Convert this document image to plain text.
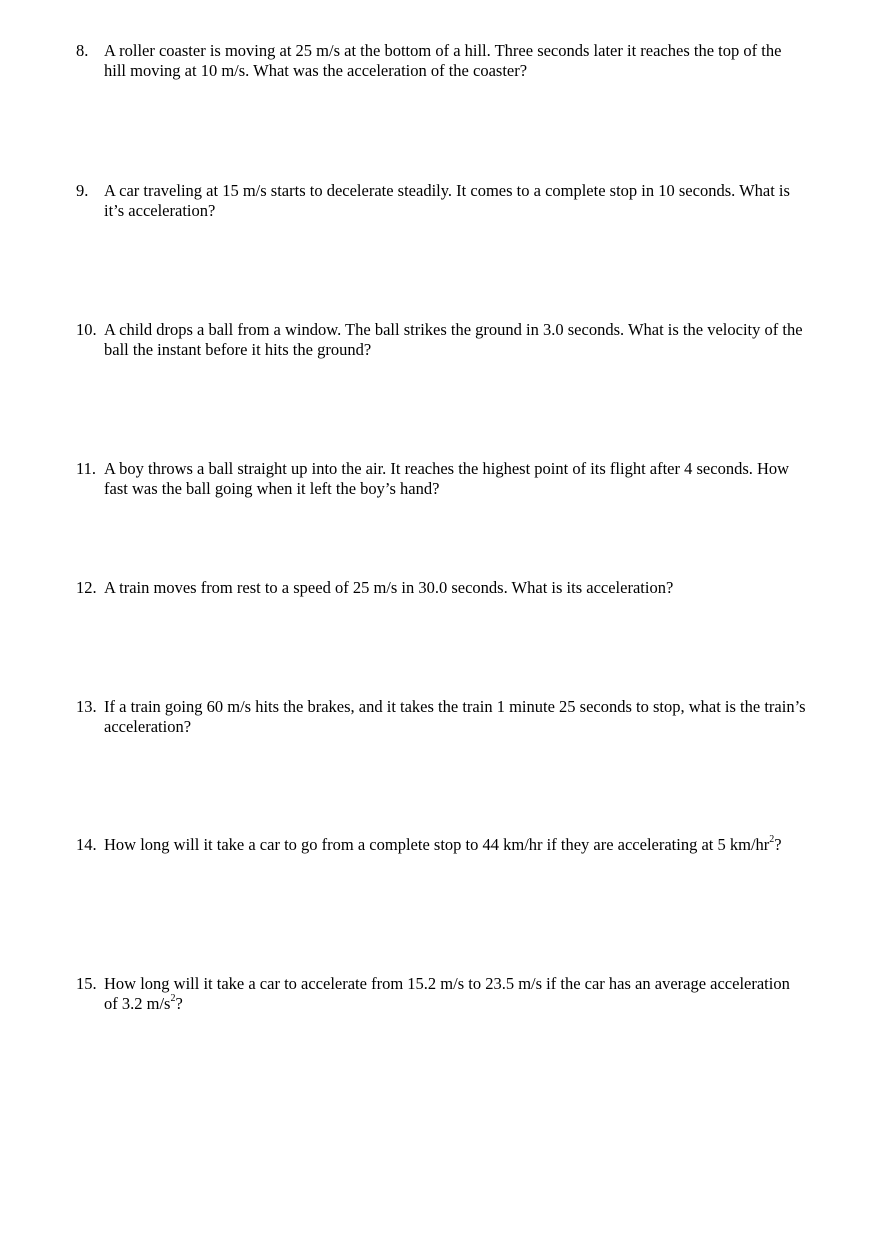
8. A roller coaster is moving at 25 m/s at the bottom of a hill. Three seconds later it reaches the top of the hill moving at 10 m/s. What was the acceleration of the coaster?
9. A car traveling at 15 m/s starts to decelerate steadily. It comes to a complete stop in 10 seconds. What is it’s acceleration?
10. A child drops a ball from a window. The ball strikes the ground in 3.0 seconds. What is the velocity of the ball the instant before it hits the ground?
11. A boy throws a ball straight up into the air. It reaches the highest point of its flight after 4 seconds. How fast was the ball going when it left the boy’s hand?
12. A train moves from rest to a speed of 25 m/s in 30.0 seconds. What is its acceleration?
13. If a train going 60 m/s hits the brakes, and it takes the train 1 minute 25 seconds to stop, what is the train’s acceleration?
14. How long will it take a car to go from a complete stop to 44 km/hr if they are accelerating at 5 $km/hr^2$?
15. How long will it take a car to accelerate from 15.2 m/s to 23.5 m/s if the car has an average acceleration of 3.2 $m/s^2$?
